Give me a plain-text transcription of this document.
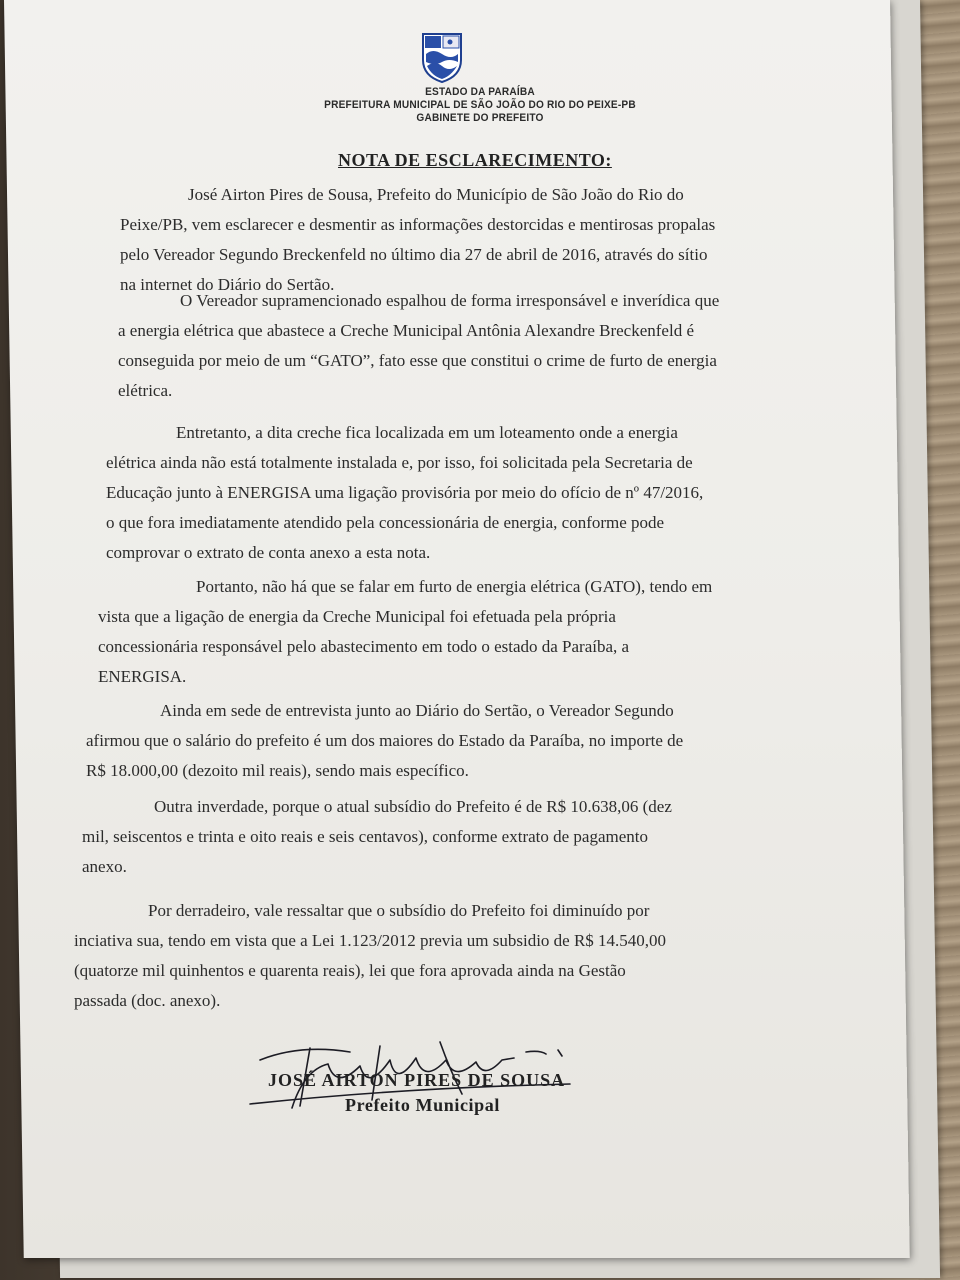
ESTADO DA PARAÍBA
PREFEITURA MUNICIPAL DE SÃO JOÃO DO RIO DO PEIXE-PB
GABINETE DO PREFEITO
NOTA DE ESCLARECIMENTO:
José Airton Pires de Sousa, Prefeito do Município de São João do Rio do
Peixe/PB, vem esclarecer e desmentir as informações destorcidas e mentirosas propalas
pelo Vereador Segundo Breckenfeld no último dia 27 de abril de 2016, através do sítio
na internet do Diário do Sertão.
O Vereador supramencionado espalhou de forma irresponsável e inverídica que
a energia elétrica que abastece a Creche Municipal Antônia Alexandre Breckenfeld é
conseguida por meio de um “GATO”, fato esse que constitui o crime de furto de energia
elétrica.
Entretanto, a dita creche fica localizada em um loteamento onde a energia
elétrica ainda não está totalmente instalada e, por isso, foi solicitada pela Secretaria de
Educação junto à ENERGISA uma ligação provisória por meio do ofício de nº 47/2016,
o que fora imediatamente atendido pela concessionária de energia, conforme pode
comprovar o extrato de conta anexo a esta nota.
Portanto, não há que se falar em furto de energia elétrica (GATO), tendo em
vista que a ligação de energia da Creche Municipal foi efetuada pela própria
concessionária responsável pelo abastecimento em todo o estado da Paraíba, a
ENERGISA.
Ainda em sede de entrevista junto ao Diário do Sertão, o Vereador Segundo
afirmou que o salário do prefeito é um dos maiores do Estado da Paraíba, no importe de
R$ 18.000,00 (dezoito mil reais), sendo mais específico.
Outra inverdade, porque o atual subsídio do Prefeito é de R$ 10.638,06 (dez
mil, seiscentos e trinta e oito reais e seis centavos), conforme extrato de pagamento
anexo.
Por derradeiro, vale ressaltar que o subsídio do Prefeito foi diminuído por
inciativa sua, tendo em vista que a Lei 1.123/2012 previa um subsidio de R$ 14.540,00
(quatorze mil quinhentos e quarenta reais), lei que fora aprovada ainda na Gestão
passada (doc. anexo).
JOSÉ AIRTON PIRES DE SOUSA
Prefeito Municipal
